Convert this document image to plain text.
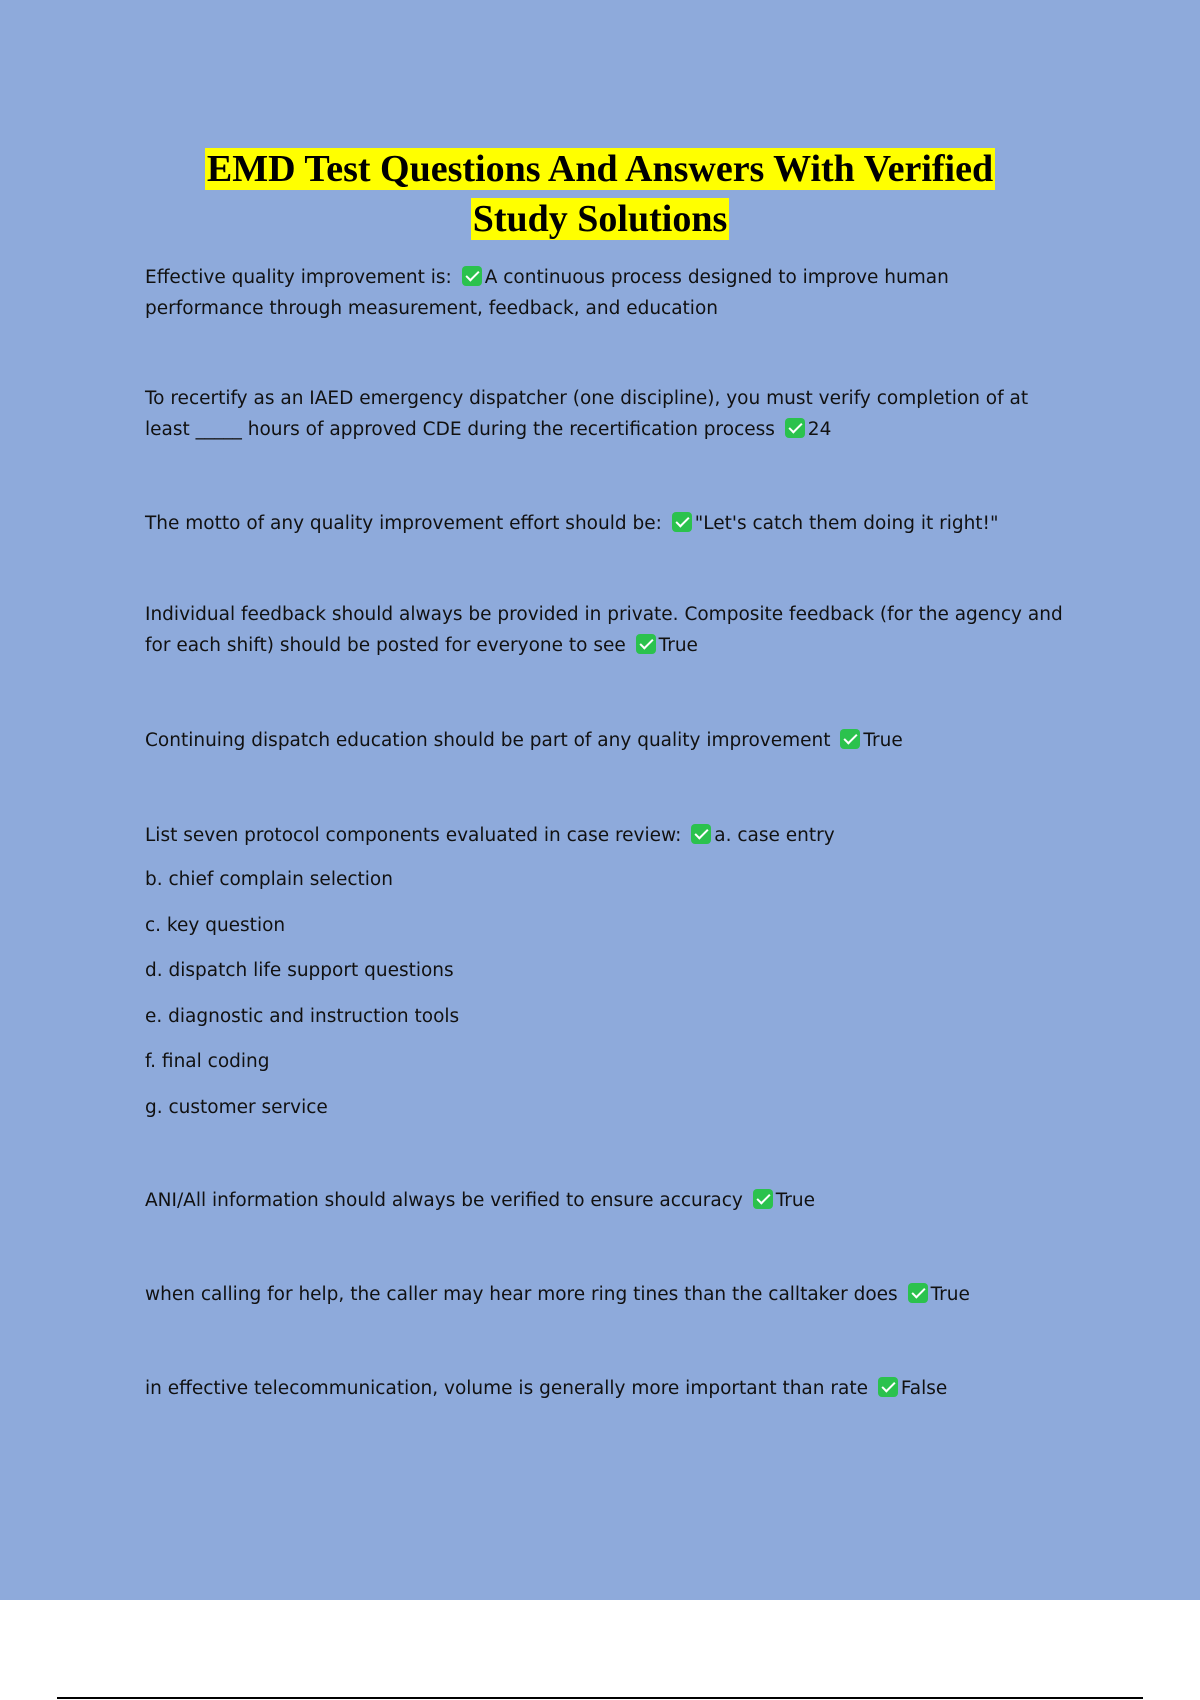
EMD Test Questions And Answers With Verified
Study Solutions
Effective quality improvement is: A continuous process designed to improve human performance through measurement, feedback, and education
To recertify as an IAED emergency dispatcher (one discipline), you must verify completion of at least _____ hours of approved CDE during the recertification process 24
The motto of any quality improvement effort should be: "Let's catch them doing it right!"
Individual feedback should always be provided in private. Composite feedback (for the agency and for each shift) should be posted for everyone to see True
Continuing dispatch education should be part of any quality improvement True
List seven protocol components evaluated in case review: a. case entry
b. chief complain selection
c. key question
d. dispatch life support questions
e. diagnostic and instruction tools
f. final coding
g. customer service
ANI/All information should always be verified to ensure accuracy True
when calling for help, the caller may hear more ring tines than the calltaker does True
in effective telecommunication, volume is generally more important than rate False
